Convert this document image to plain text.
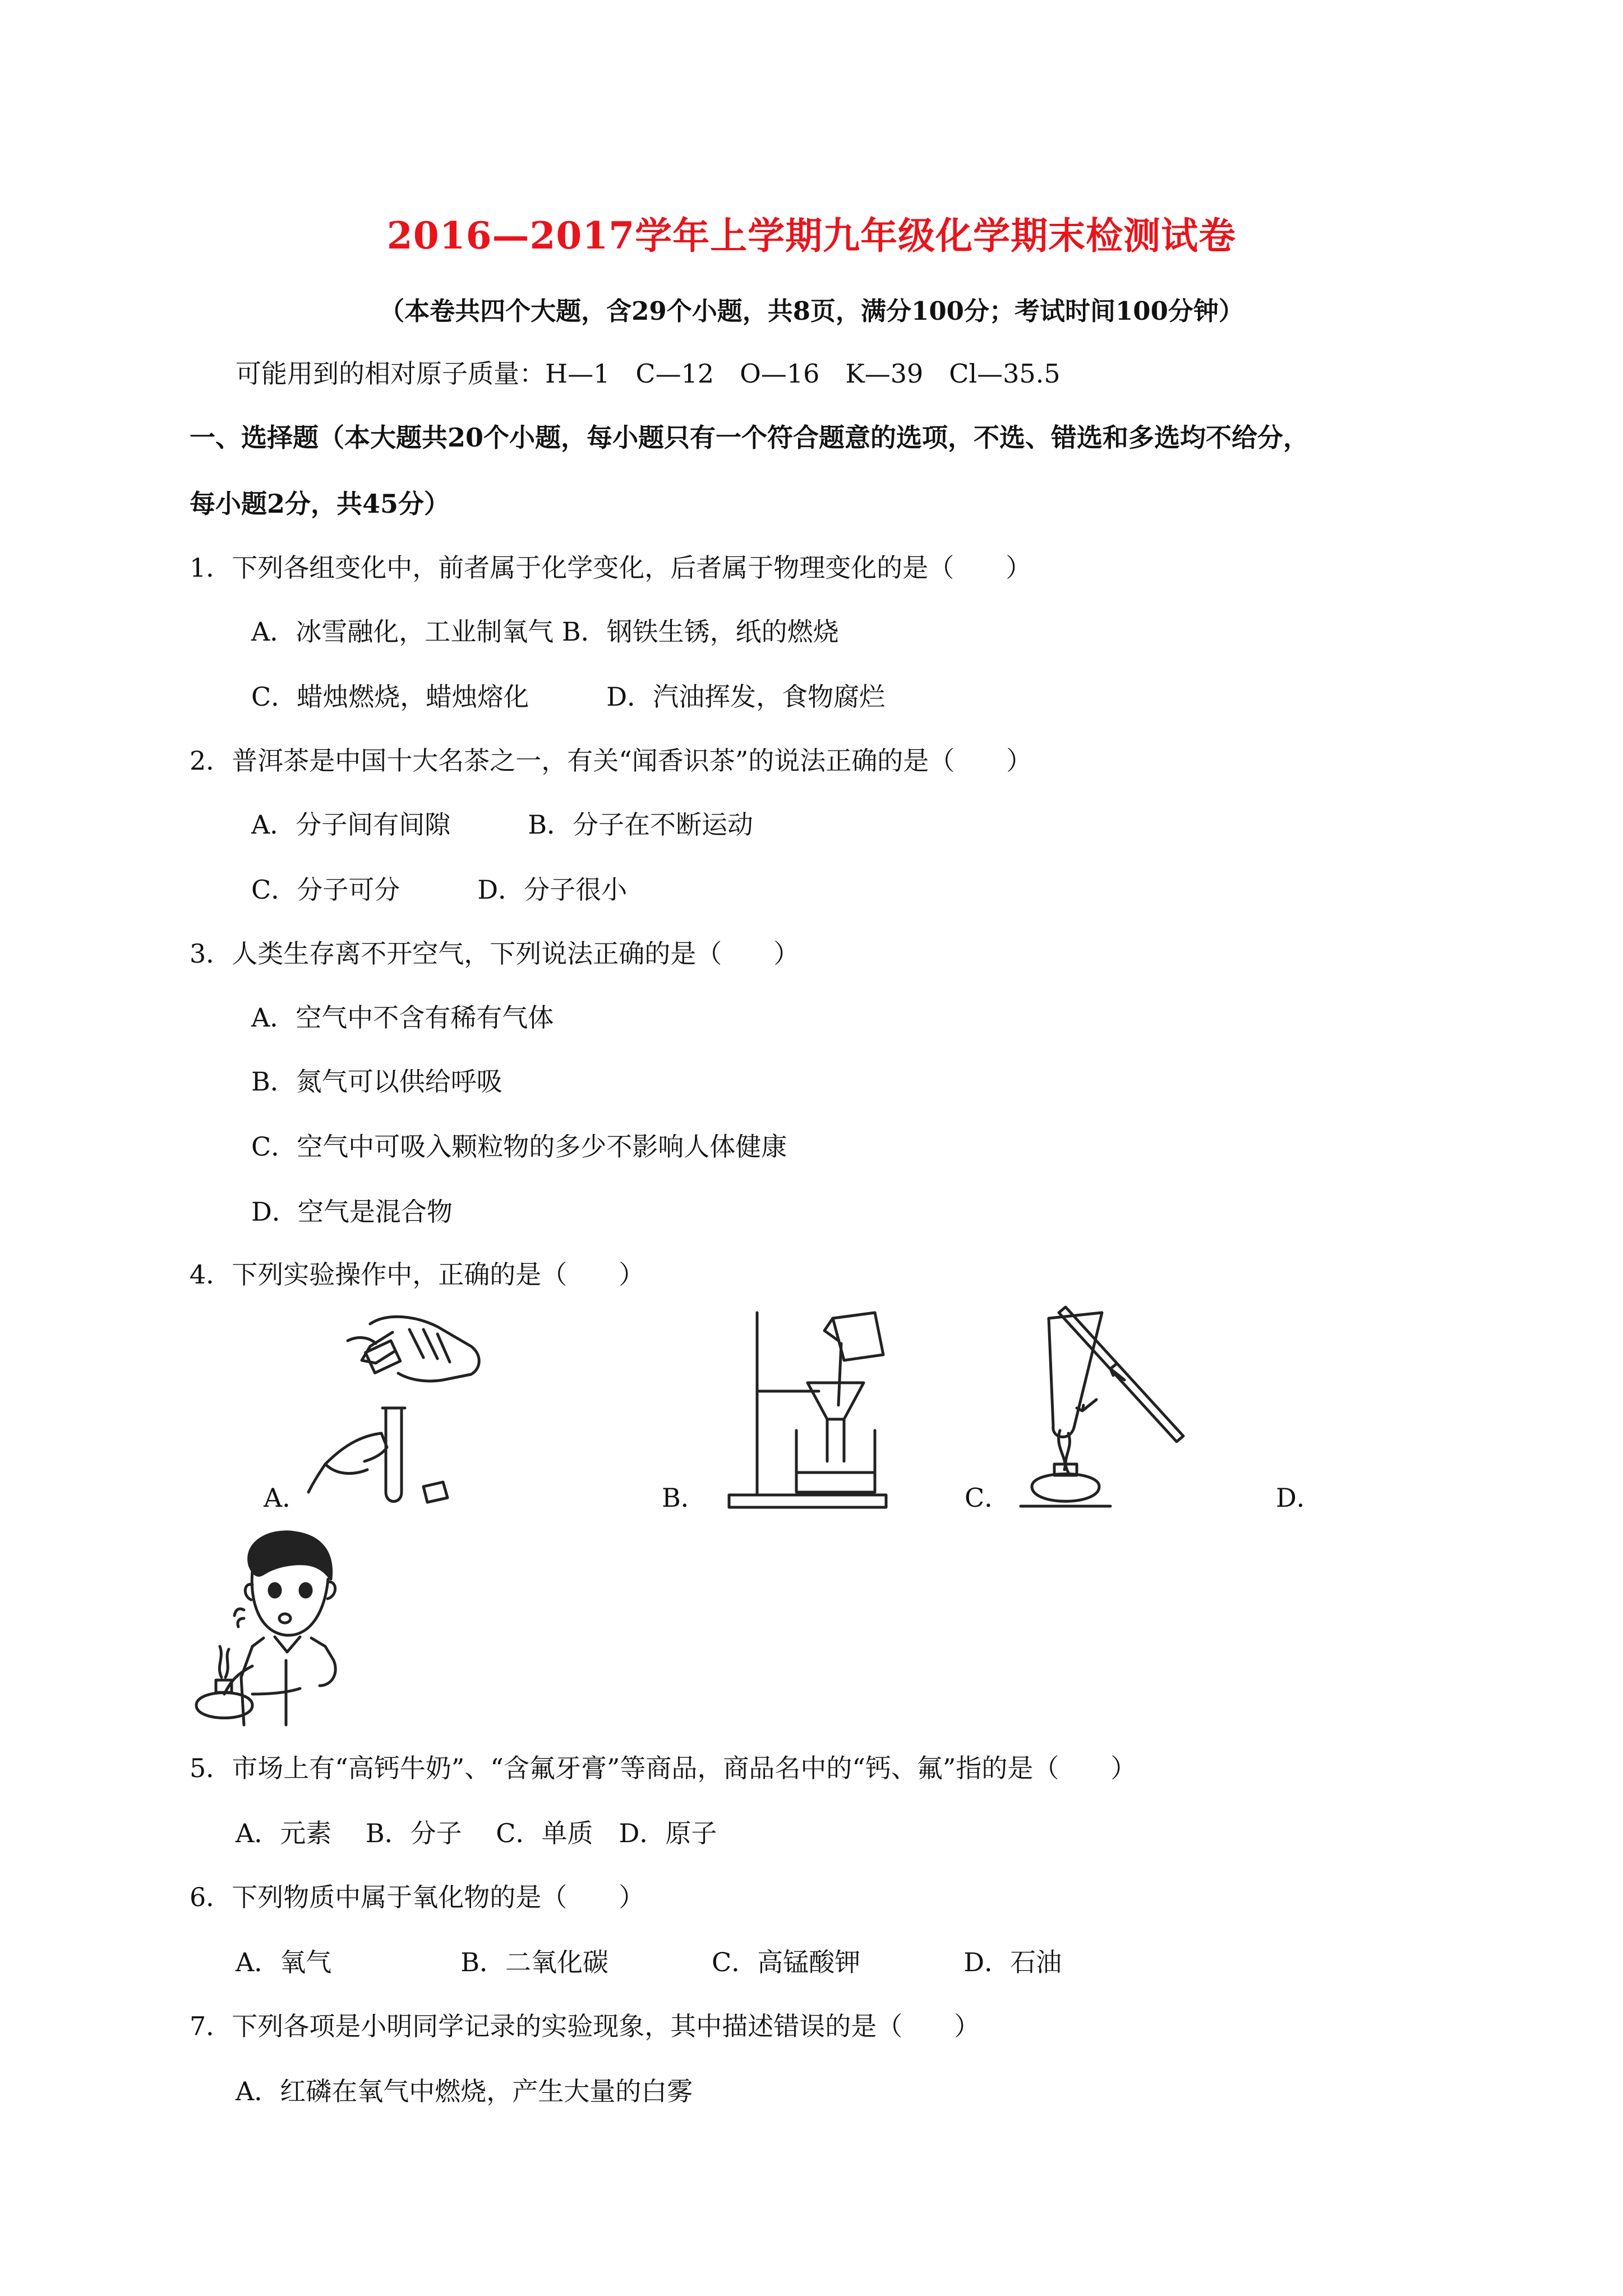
2016—2017学年上学期九年级化学期末检测试卷
（本卷共四个大题，含29个小题，共8页，满分100分；考试时间100分钟）
可能用到的相对原子质量：H—1　C—12　O—16　K—39　Cl—35.5
一、选择题（本大题共20个小题，每小题只有一个符合题意的选项，不选、错选和多选均不给分，
每小题2分，共45分）
1．下列各组变化中，前者属于化学变化，后者属于物理变化的是（　　）
A．冰雪融化，工业制氧气 B．钢铁生锈，纸的燃烧
C．蜡烛燃烧，蜡烛熔化　　　D．汽油挥发，食物腐烂
2．普洱茶是中国十大名茶之一，有关“闻香识茶”的说法正确的是（　　）
A．分子间有间隙　　　B．分子在不断运动
C．分子可分　　　D．分子很小
3．人类生存离不开空气，下列说法正确的是（　　）
A．空气中不含有稀有气体
B．氮气可以供给呼吸
C．空气中可吸入颗粒物的多少不影响人体健康
D．空气是混合物
4．下列实验操作中，正确的是（　　）
A．	B．	C．	D．
5．市场上有“高钙牛奶”、“含氟牙膏”等商品，商品名中的“钙、氟”指的是（　　）
A．元素　 B．分子　 C．单质　D．原子
6．下列物质中属于氧化物的是（　　）
A．氧气　　　　　B．二氧化碳　　　　C．高锰酸钾　　　　D．石油
7．下列各项是小明同学记录的实验现象，其中描述错误的是（　　）
A．红磷在氧气中燃烧，产生大量的白雾
